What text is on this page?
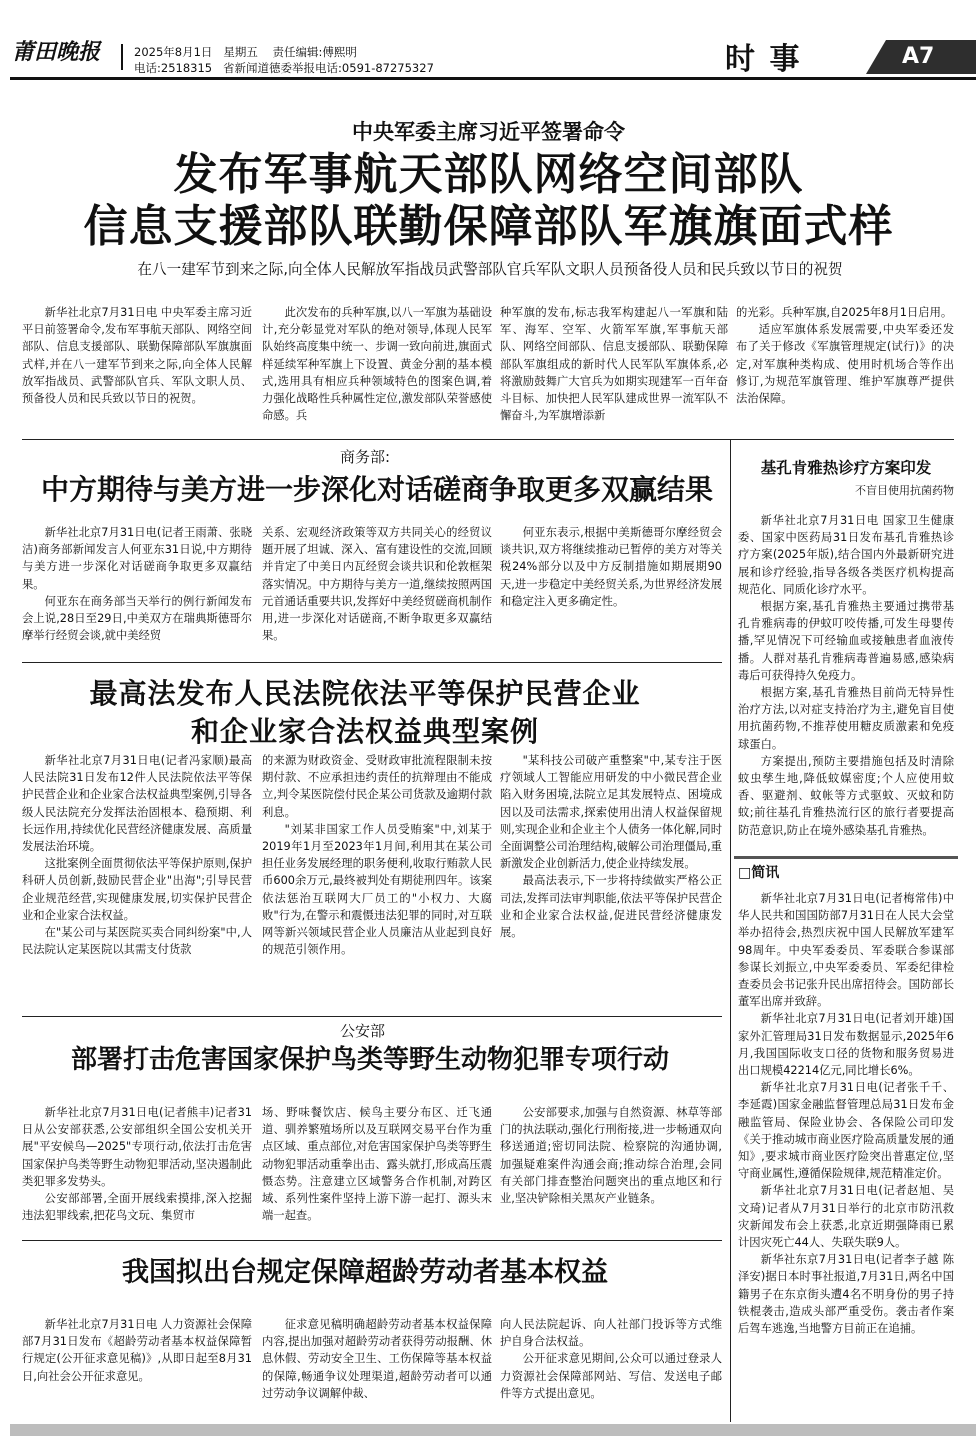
莆田晚报	2025年8月1日   星期五    责任编辑:傅熙明
电话:2518315   省新闻道德委举报电话:0591-87275327	时 事	A7
中央军委主席习近平签署命令
发布军事航天部队网络空间部队
信息支援部队联勤保障部队军旗旗面式样
在八一建军节到来之际,向全体人民解放军指战员武警部队官兵军队文职人员预备役人员和民兵致以节日的祝贺

新华社北京7月31日电 中央军委主席习近平日前签署命令,发布军事航天部队、网络空间部队、信息支援部队、联勤保障部队军旗旗面式样,并在八一建军节到来之际,向全体人民解放军指战员、武警部队官兵、军队文职人员、预备役人员和民兵致以节日的祝贺。

此次发布的兵种军旗,以八一军旗为基础设计,充分彰显党对军队的绝对领导,体现人民军队始终高度集中统一、步调一致向前进,旗面式样延续军种军旗上下设置、黄金分割的基本模式,选用具有相应兵种领域特色的图案色调,着力强化战略性兵种属性定位,激发部队荣誉感使命感。兵

种军旗的发布,标志我军构建起八一军旗和陆军、海军、空军、火箭军军旗,军事航天部队、网络空间部队、信息支援部队、联勤保障部队军旗组成的新时代人民军队军旗体系,必将激励鼓舞广大官兵为如期实现建军一百年奋斗目标、加快把人民军队建成世界一流军队不懈奋斗,为军旗增添新

的光彩。兵种军旗,自2025年8月1日启用。

适应军旗体系发展需要,中央军委还发布了关于修改《军旗管理规定(试行)》的决定,对军旗种类构成、使用时机场合等作出修订,为规范军旗管理、维护军旗尊严提供法治保障。

商务部:
中方期待与美方进一步深化对话磋商争取更多双赢结果

新华社北京7月31日电(记者王雨萧、张晓洁)商务部新闻发言人何亚东31日说,中方期待与美方进一步深化对话磋商争取更多双赢结果。

何亚东在商务部当天举行的例行新闻发布会上说,28日至29日,中美双方在瑞典斯德哥尔摩举行经贸会谈,就中美经贸

关系、宏观经济政策等双方共同关心的经贸议题开展了坦诚、深入、富有建设性的交流,回顾并肯定了中美日内瓦经贸会谈共识和伦敦框架落实情况。中方期待与美方一道,继续按照两国元首通话重要共识,发挥好中美经贸磋商机制作用,进一步深化对话磋商,不断争取更多双赢结果。

何亚东表示,根据中美斯德哥尔摩经贸会谈共识,双方将继续推动已暂停的美方对等关税24%部分以及中方反制措施如期展期90天,进一步稳定中美经贸关系,为世界经济发展和稳定注入更多确定性。

最高法发布人民法院依法平等保护民营企业
和企业家合法权益典型案例

新华社北京7月31日电(记者冯家顺)最高人民法院31日发布12件人民法院依法平等保护民营企业和企业家合法权益典型案例,引导各级人民法院充分发挥法治固根本、稳预期、利长远作用,持续优化民营经济健康发展、高质量发展法治环境。

这批案例全面贯彻依法平等保护原则,保护科研人员创新,鼓励民营企业"出海";引导民营企业规范经营,实现健康发展,切实保护民营企业和企业家合法权益。

在"某公司与某医院买卖合同纠纷案"中,人民法院认定某医院以其需支付货款

的来源为财政资金、受财政审批流程限制未按期付款、不应承担违约责任的抗辩理由不能成立,判令某医院偿付民企某公司货款及逾期付款利息。

"刘某非国家工作人员受贿案"中,刘某于2019年1月至2023年1月间,利用其在某公司担任业务发展经理的职务便利,收取行贿款人民币600余万元,最终被判处有期徒刑四年。该案依法惩治互联网大厂员工的"小权力、大腐败"行为,在警示和震慑违法犯罪的同时,对互联网等新兴领域民营企业人员廉洁从业起到良好的规范引领作用。

"某科技公司破产重整案"中,某专注于医疗领域人工智能应用研发的中小微民营企业陷入财务困境,法院立足其发展特点、困境成因以及司法需求,探索使用出清人权益保留规则,实现企业和企业主个人债务一体化解,同时全面调整公司治理结构,破解公司治理僵局,重新激发企业创新活力,使企业持续发展。

最高法表示,下一步将持续做实严格公正司法,发挥司法审判职能,依法平等保护民营企业和企业家合法权益,促进民营经济健康发展。

公安部
部署打击危害国家保护鸟类等野生动物犯罪专项行动

新华社北京7月31日电(记者熊丰)记者31日从公安部获悉,公安部组织全国公安机关开展"平安候鸟—2025"专项行动,依法打击危害国家保护鸟类等野生动物犯罪活动,坚决遏制此类犯罪多发势头。

公安部部署,全面开展线索摸排,深入挖掘违法犯罪线索,把花鸟文玩、集贸市

场、野味餐饮店、候鸟主要分布区、迁飞通道、驯养繁殖场所以及互联网交易平台作为重点区域、重点部位,对危害国家保护鸟类等野生动物犯罪活动重拳出击、露头就打,形成高压震慑态势。注意建立区域警务合作机制,对跨区域、系列性案件坚持上游下游一起打、源头末端一起查。

公安部要求,加强与自然资源、林草等部门的执法联动,强化行刑衔接,进一步畅通双向移送通道;密切同法院、检察院的沟通协调,加强疑难案件沟通会商;推动综合治理,会同有关部门排查整治问题突出的重点地区和行业,坚决铲除相关黑灰产业链条。

我国拟出台规定保障超龄劳动者基本权益

新华社北京7月31日电 人力资源社会保障部7月31日发布《超龄劳动者基本权益保障暂行规定(公开征求意见稿)》,从即日起至8月31日,向社会公开征求意见。

征求意见稿明确超龄劳动者基本权益保障内容,提出加强对超龄劳动者获得劳动报酬、休息休假、劳动安全卫生、工伤保障等基本权益的保障,畅通争议处理渠道,超龄劳动者可以通过劳动争议调解仲裁、

向人民法院起诉、向人社部门投诉等方式维护自身合法权益。

公开征求意见期间,公众可以通过登录人力资源社会保障部网站、写信、发送电子邮件等方式提出意见。

基孔肯雅热诊疗方案印发
不盲目使用抗菌药物

新华社北京7月31日电 国家卫生健康委、国家中医药局31日发布基孔肯雅热诊疗方案(2025年版),结合国内外最新研究进展和诊疗经验,指导各级各类医疗机构提高规范化、同质化诊疗水平。

根据方案,基孔肯雅热主要通过携带基孔肯雅病毒的伊蚊叮咬传播,可发生母婴传播,罕见情况下可经输血或接触患者血液传播。人群对基孔肯雅病毒普遍易感,感染病毒后可获得持久免疫力。

根据方案,基孔肯雅热目前尚无特异性治疗方法,以对症支持治疗为主,避免盲目使用抗菌药物,不推荐使用糖皮质激素和免疫球蛋白。

方案提出,预防主要措施包括及时清除蚊虫孳生地,降低蚊媒密度;个人应使用蚊香、驱避剂、蚊帐等方式驱蚊、灭蚊和防蚊;前往基孔肯雅热流行区的旅行者要提高防范意识,防止在境外感染基孔肯雅热。

□简讯

新华社北京7月31日电(记者梅常伟)中华人民共和国国防部7月31日在人民大会堂举办招待会,热烈庆祝中国人民解放军建军98周年。中央军委委员、军委联合参谋部参谋长刘振立,中央军委委员、军委纪律检查委员会书记张升民出席招待会。国防部长董军出席并致辞。

新华社北京7月31日电(记者刘开雄)国家外汇管理局31日发布数据显示,2025年6月,我国国际收支口径的货物和服务贸易进出口规模42214亿元,同比增长6%。

新华社北京7月31日电(记者张千千、李延霞)国家金融监督管理总局31日发布金融监管局、保险业协会、各保险公司印发《关于推动城市商业医疗险高质量发展的通知》,要求城市商业医疗险突出普惠定位,坚守商业属性,遵循保险规律,规范精准定价。

新华社北京7月31日电(记者赵旭、吴文琦)记者从7月31日举行的北京市防汛救灾新闻发布会上获悉,北京近期强降雨已累计因灾死亡44人、失联失联9人。

新华社东京7月31日电(记者李子越 陈泽安)据日本时事社报道,7月31日,两名中国籍男子在东京街头遭4名不明身份的男子持铁棍袭击,造成头部严重受伤。袭击者作案后驾车逃逸,当地警方目前正在追捕。
